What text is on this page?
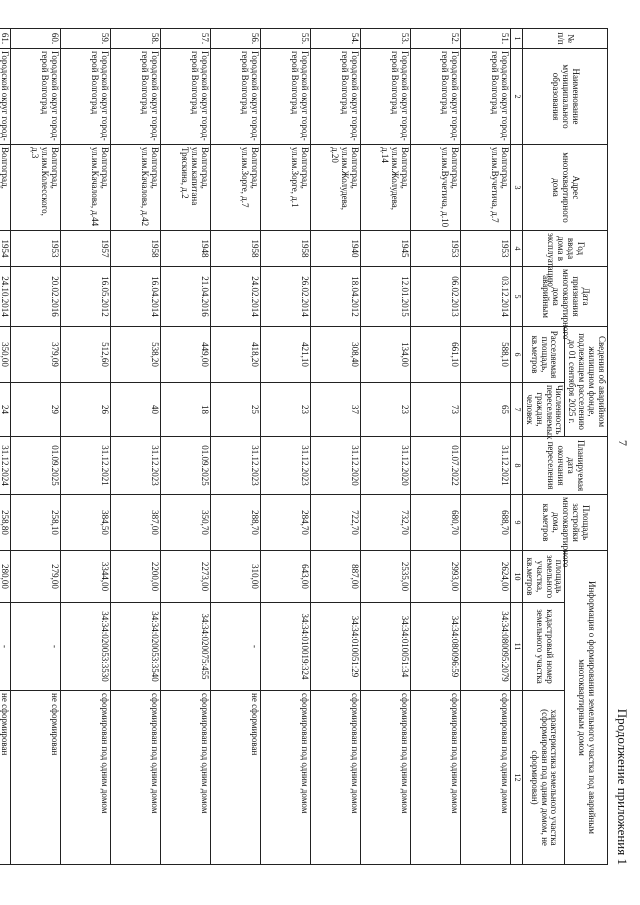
Продолжение приложения 1
7
№ п/п	Наименование муниципального образования	Адрес многоквартирного дома	Год ввода дома в эксплуатацию	Дата признания многоквартирного дома аварийным	Сведения об аварийном жилищном фонде, подлежащем расселению до 01 сентября 2025 г.		Планируемая дата окончания переселения	Площадь застройки многоквартирного дома, кв.метров	Информация о формировании земельного участка под аварийным многоквартирным домом		
					Расселяемая площадь, кв.метров	Численность переселяемых граждан, человек			площадь земельного участка, кв.метров	кадастровый номер земельного участка	характеристика земельного участка (сформирован под одним домом, не сформирован)
1	2	3	4	5	6	7	8	9	10	11	12
51.	Городской округ город-герой Волгоград	Волгоград, ул.им.Вучетича, д.7	1953	03.12.2014	588,10	65	31.12.2021	688,70	2624,00	34:34:080095:2079	сформирован под одним домом
52.	Городской округ город-герой Волгоград	Волгоград, ул.им.Вучетича, д.10	1953	06.02.2013	661,10	73	01.07.2022	680,70	2993,00	34:34:080096:59	сформирован под одним домом
53.	Городской округ город-герой Волгоград	Волгоград, ул.им.Жолудева, д.14	1945	12.01.2015	134,00	23	31.12.2020	732,70	2535,00	34:34:010051:34	сформирован под одним домом
54.	Городской округ город-герой Волгоград	Волгоград, ул.им.Жолудева, д.20	1940	18.04.2012	308,40	37	31.12.2020	722,70	887,00	34:34:010051:29	сформирован под одним домом
55.	Городской округ город-герой Волгоград	Волгоград, ул.им.Зорге, д.1	1958	26.02.2014	421,10	23	31.12.2023	284,70	643,00	34:34:010019:324	сформирован под одним домом
56.	Городской округ город-герой Волгоград	Волгоград, ул.им.Зорге, д.7	1958	24.02.2014	418,20	25	31.12.2023	288,70	310,00	-	не сформирован
57.	Городской округ город-герой Волгоград	Волгоград, ул.им.капитана Тряскина, д.2	1948	21.04.2016	449,00	18	01.09.2025	350,70	2273,00	34:34:020075:455	сформирован под одним домом
58.	Городской округ город-герой Волгоград	Волгоград, ул.им.Качалова, д.42	1958	16.04.2014	538,20	40	31.12.2023	387,00	2200,00	34:34:020053:3540	сформирован под одним домом
59.	Городской округ город-герой Волгоград	Волгоград, ул.им.Качалова, д.44	1957	16.05.2012	512,60	26	31.12.2021	384,50	3344,00	34:34:020053:3530	сформирован под одним домом
60.	Городской округ город-герой Волгоград	Волгоград, ул.им.Колесского, д.3	1953	20.02.2016	379,09	29	01.09.2025	258,10	279,00	-	не сформирован
61.	Городской округ город-	Волгоград,	1954	24.10.2014	350,00	24	31.12.2024	258,80	280,00	-	не сформирован
